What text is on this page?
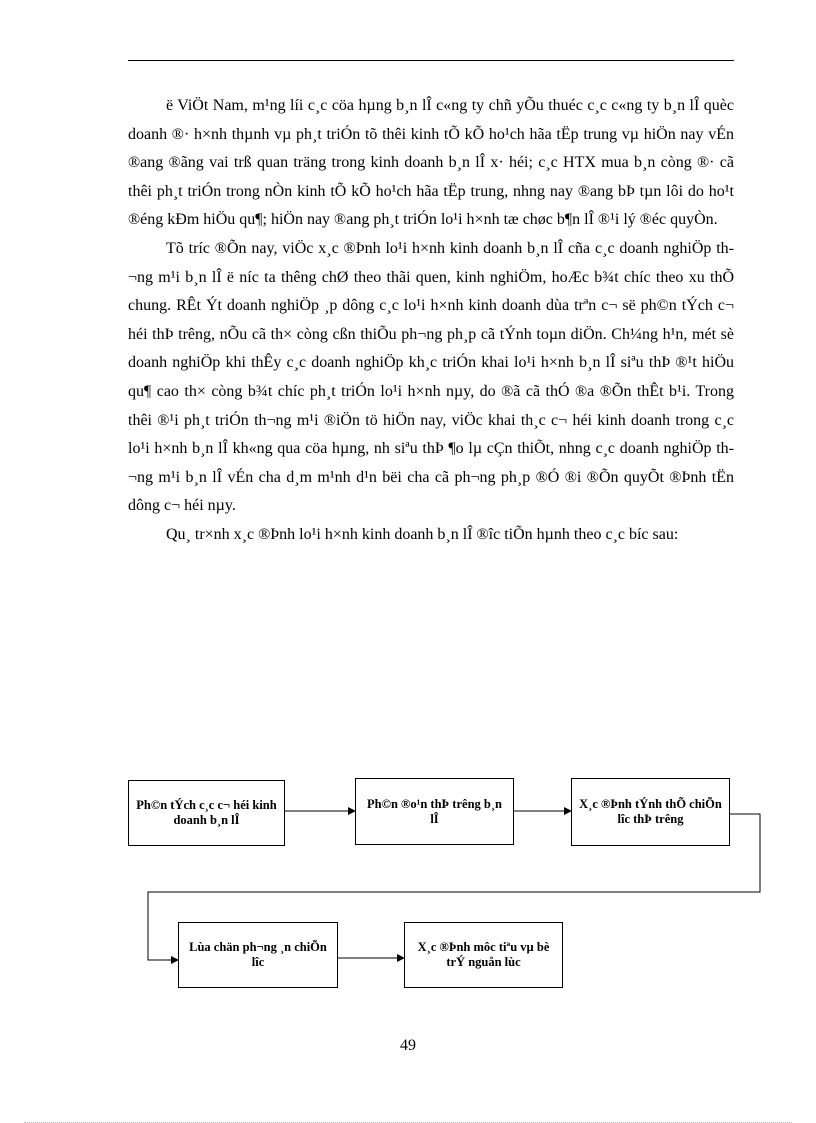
ë ViÖt Nam, m¹ng líi c¸c cöa hµng b¸n lÎ c«ng ty chñ yÕu thuéc c¸c c«ng ty b¸n lÎ quèc doanh ®· h×nh thµnh vµ ph¸t triÓn tõ thêi kinh tÕ kÕ ho¹ch hãa tËp trung vµ hiÖn nay vÉn ®ang ®ãng vai trß quan träng trong kinh doanh b¸n lÎ x· héi; c¸c HTX mua b¸n còng ®· cã thêi ph¸t triÓn trong nÒn kinh tÕ kÕ ho¹ch hãa tËp trung, nhng nay ®ang bÞ tµn lôi do ho¹t ®éng kÐm hiÖu qu¶; hiÖn nay ®ang ph¸t triÓn lo¹i h×nh tæ chøc b¶n lÎ ®¹i lý ®éc quyÒn.

Tõ tríc ®Õn nay, viÖc x¸c ®Þnh lo¹i h×nh kinh doanh b¸n lÎ cña c¸c doanh nghiÖp th¬ng m¹i b¸n lÎ ë níc ta thêng chØ theo thãi quen, kinh nghiÖm, hoÆc b¾t chíc theo xu thÕ chung. RÊt Ýt doanh nghiÖp ¸p dông c¸c lo¹i h×nh kinh doanh dùa trªn c¬ së ph©n tÝch c¬ héi thÞ trêng, nÕu cã th× còng cßn thiÕu ph¬ng ph¸p cã tÝnh toµn diÖn. Ch¼ng h¹n, mét sè doanh nghiÖp khi thÊy c¸c doanh nghiÖp kh¸c triÓn khai lo¹i h×nh b¸n lÎ siªu thÞ ®¹t hiÖu qu¶ cao th× còng b¾t chíc ph¸t triÓn lo¹i h×nh nµy, do ®ã cã thÓ ®a ®Õn thÊt b¹i. Trong thêi ®¹i ph¸t triÓn th¬ng m¹i ®iÖn tö hiÖn nay, viÖc khai th¸c c¬ héi kinh doanh trong c¸c lo¹i h×nh b¸n lÎ kh«ng qua cöa hµng, nh siªu thÞ ¶o lµ cÇn thiÕt, nhng c¸c doanh nghiÖp th¬ng m¹i b¸n lÎ vÉn cha d¸m m¹nh d¹n bëi cha cã ph¬ng ph¸p ®Ó ®i ®Õn quyÕt ®Þnh tËn dông c¬ héi nµy.

Qu¸ tr×nh x¸c ®Þnh lo¹i h×nh kinh doanh b¸n lÎ ®îc tiÕn hµnh theo c¸c bíc sau:

Ph©n tÝch c¸c c¬ héi kinh doanh b¸n lÎ
Ph©n ®o¹n thÞ trêng b¸n lÎ
X¸c ®Þnh tÝnh thÕ chiÕn lîc thÞ trêng
Lùa chän ph¬ng ¸n chiÕn lîc
X¸c ®Þnh môc tiªu vµ bè trÝ nguån lùc
49
